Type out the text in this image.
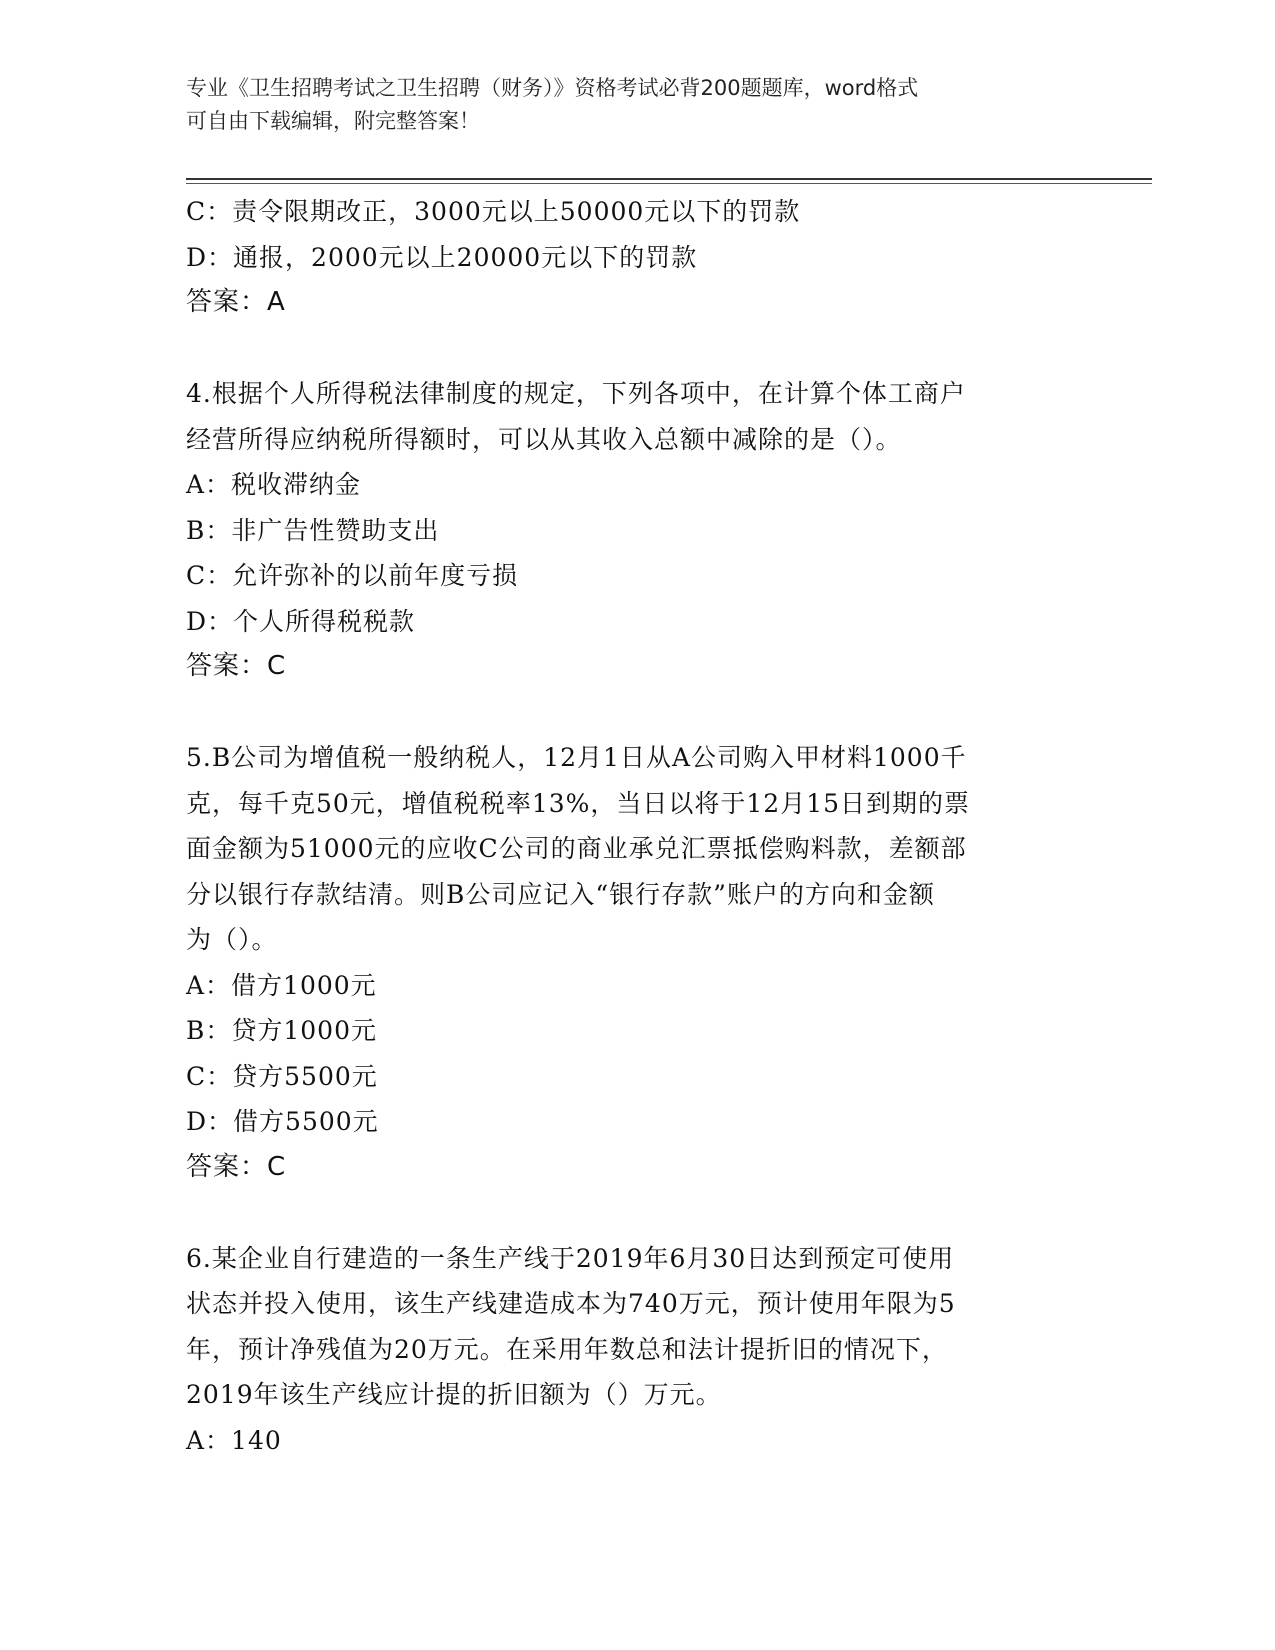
专业《卫生招聘考试之卫生招聘（财务）》资格考试必背200题题库，word格式
可自由下载编辑，附完整答案！
C：责令限期改正，3000元以上50000元以下的罚款
D：通报，2000元以上20000元以下的罚款
答案：A
4.根据个人所得税法律制度的规定，下列各项中，在计算个体工商户
经营所得应纳税所得额时，可以从其收入总额中减除的是（）。
A：税收滞纳金
B：非广告性赞助支出
C：允许弥补的以前年度亏损
D：个人所得税税款
答案：C
5.B公司为增值税一般纳税人，12月1日从A公司购入甲材料1000千
克，每千克50元，增值税税率13%，当日以将于12月15日到期的票
面金额为51000元的应收C公司的商业承兑汇票抵偿购料款，差额部
分以银行存款结清。则B公司应记入“银行存款”账户的方向和金额
为（）。
A：借方1000元
B：贷方1000元
C：贷方5500元
D：借方5500元
答案：C
6.某企业自行建造的一条生产线于2019年6月30日达到预定可使用
状态并投入使用，该生产线建造成本为740万元，预计使用年限为5
年，预计净残值为20万元。在采用年数总和法计提折旧的情况下，
2019年该生产线应计提的折旧额为（）万元。
A：140
